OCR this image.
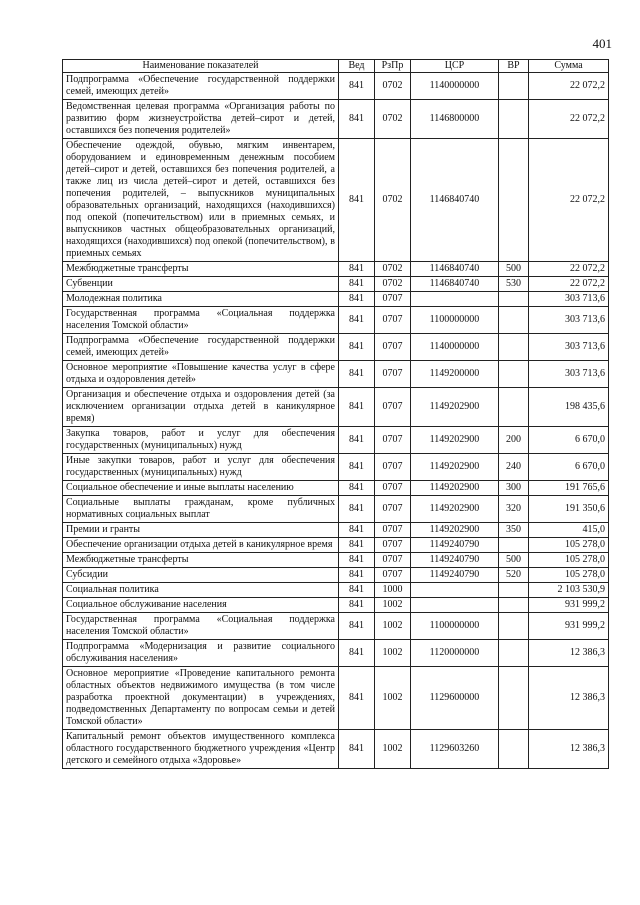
401
Наименование показателей	Вед	РзПр	ЦСР	ВР	Сумма
Подпрограмма «Обеспечение государственной поддержки семей, имеющих детей»	841	0702	1140000000		22 072,2
Ведомственная целевая программа «Организация работы по развитию форм жизнеустройства детей–сирот и детей, оставшихся без попечения родителей»	841	0702	1146800000		22 072,2
Обеспечение одеждой, обувью, мягким инвентарем, оборудованием и единовременным денежным пособием детей–сирот и детей, оставшихся без попечения родителей, а также лиц из числа детей–сирот и детей, оставшихся без попечения родителей, – выпускников муниципальных образовательных организаций, находящихся (находившихся) под опекой (попечительством) или в приемных семьях, и выпускников частных общеобразовательных организаций, находящихся (находившихся) под опекой (попечительством), в приемных семьях	841	0702	1146840740		22 072,2
Межбюджетные трансферты	841	0702	1146840740	500	22 072,2
Субвенции	841	0702	1146840740	530	22 072,2
Молодежная политика	841	0707			303 713,6
Государственная программа «Социальная поддержка населения Томской области»	841	0707	1100000000		303 713,6
Подпрограмма «Обеспечение государственной поддержки семей, имеющих детей»	841	0707	1140000000		303 713,6
Основное мероприятие «Повышение качества услуг в сфере отдыха и оздоровления детей»	841	0707	1149200000		303 713,6
Организация и обеспечение отдыха и оздоровления детей (за исключением организации отдыха детей в каникулярное время)	841	0707	1149202900		198 435,6
Закупка товаров, работ и услуг для обеспечения государственных (муниципальных) нужд	841	0707	1149202900	200	6 670,0
Иные закупки товаров, работ и услуг для обеспечения государственных (муниципальных) нужд	841	0707	1149202900	240	6 670,0
Социальное обеспечение и иные выплаты населению	841	0707	1149202900	300	191 765,6
Социальные выплаты гражданам, кроме публичных нормативных социальных выплат	841	0707	1149202900	320	191 350,6
Премии и гранты	841	0707	1149202900	350	415,0
Обеспечение организации отдыха детей в каникулярное время	841	0707	1149240790		105 278,0
Межбюджетные трансферты	841	0707	1149240790	500	105 278,0
Субсидии	841	0707	1149240790	520	105 278,0
Социальная политика	841	1000			2 103 530,9
Социальное обслуживание населения	841	1002			931 999,2
Государственная программа «Социальная поддержка населения Томской области»	841	1002	1100000000		931 999,2
Подпрограмма «Модернизация и развитие социального обслуживания населения»	841	1002	1120000000		12 386,3
Основное мероприятие «Проведение капитального ремонта областных объектов недвижимого имущества (в том числе разработка проектной документации) в учреждениях, подведомственных Департаменту по вопросам семьи и детей Томской области»	841	1002	1129600000		12 386,3
Капитальный ремонт объектов имущественного комплекса областного государственного бюджетного учреждения «Центр детского и семейного отдыха «Здоровье»	841	1002	1129603260		12 386,3
